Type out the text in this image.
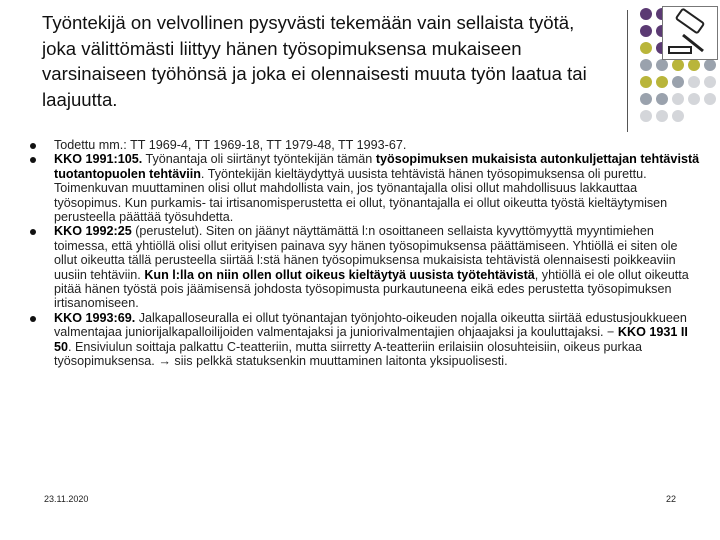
Työntekijä on velvollinen pysyvästi tekemään vain sellaista työtä, joka välittömästi liittyy hänen työsopimuksensa mukaiseen varsinaiseen työhönsä ja joka ei olennaisesti muuta työn laatua tai laajuutta.
Todettu mm.: TT 1969-4, TT 1969-18, TT 1979-48, TT 1993-67.
KKO 1991:105. Työnantaja oli siirtänyt työntekijän tämän työsopimuksen mukaisista autonkuljettajan tehtävistä tuotantopuolen tehtäviin. Työntekijän kieltäydyttyä uusista tehtävistä hänen työsopimuksensa oli purettu. Toimenkuvan muuttaminen olisi ollut mahdollista vain, jos työnantajalla olisi ollut mahdollisuus lakkauttaa työsopimus. Kun purkamis- tai irtisanomisperustetta ei ollut, työnantajalla ei ollut oikeutta työstä kieltäytymisen perusteella päättää työsuhdetta.
KKO 1992:25 (perustelut). Siten on jäänyt näyttämättä l:n osoittaneen sellaista kyvyttömyyttä myyntimiehen toimessa, että yhtiöllä olisi ollut erityisen painava syy hänen työsopimuksensa päättämiseen. Yhtiöllä ei siten ole ollut oikeutta tällä perusteella siirtää l:stä hänen työsopimuksensa mukaisista tehtävistä olennaisesti poikkeaviin uusiin tehtäviin. Kun l:lla on niin ollen ollut oikeus kieltäytyä uusista työtehtävistä, yhtiöllä ei ole ollut oikeutta pitää hänen työstä pois jäämisensä johdosta työsopimusta purkautuneena eikä edes perustetta työsopimuksen irtisanomiseen.
KKO 1993:69. Jalkapalloseuralla ei ollut työnantajan työnjohto-oikeuden nojalla oikeutta siirtää edustusjoukkueen valmentajaa juniorijalkapalloilijoiden valmentajaksi ja juniorivalmentajien ohjaajaksi ja kouluttajaksi. − KKO 1931 II 50. Ensiviulun soittaja palkattu C-teatteriin, mutta siirretty A-teatteriin erilaisiin olosuhteisiin, oikeus purkaa työsopimuksensa. → siis pelkkä statuksenkin muuttaminen laitonta yksipuolisesti.
23.11.2020	22
